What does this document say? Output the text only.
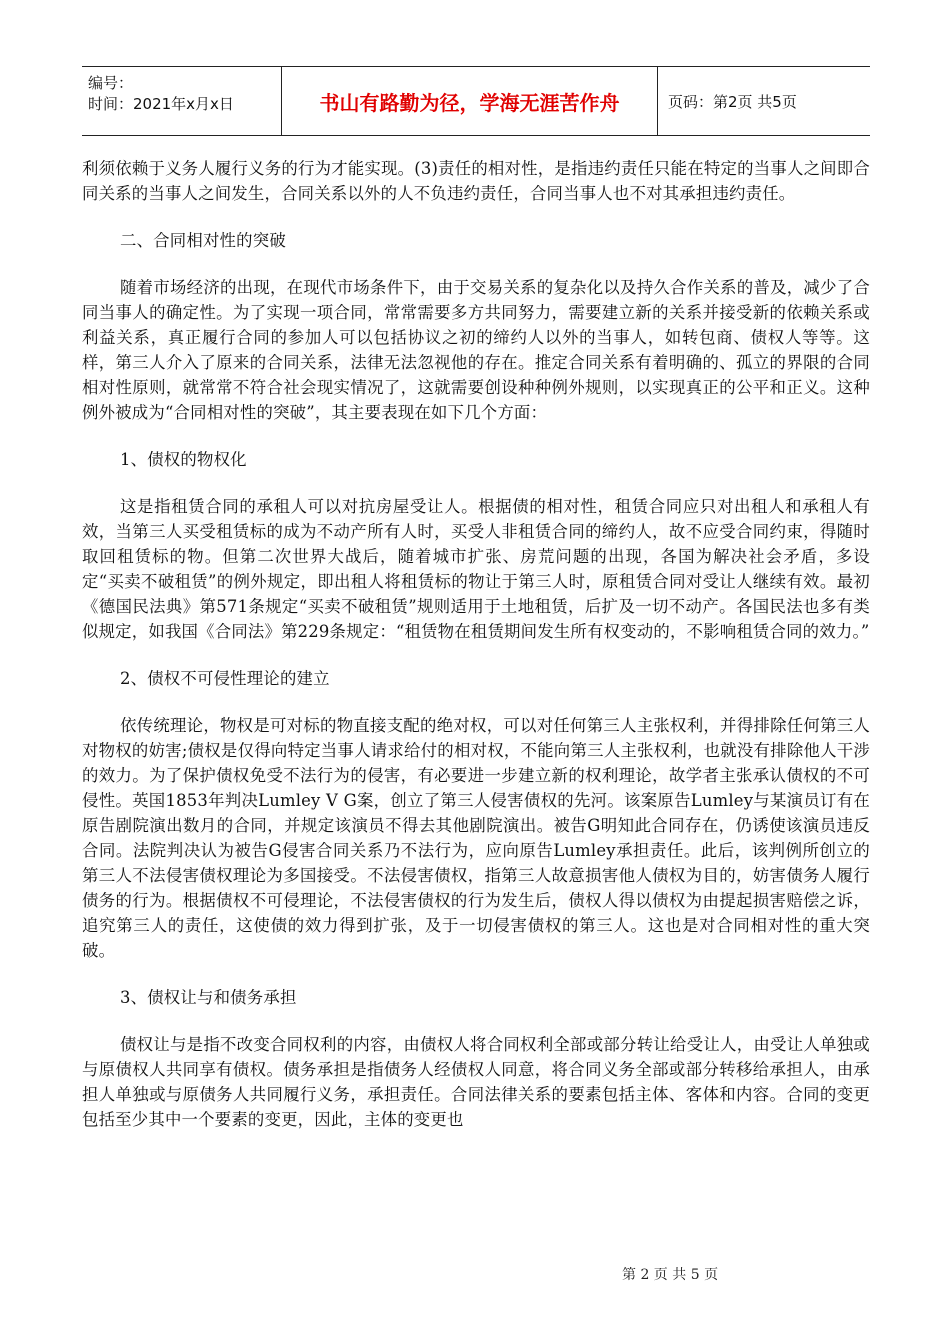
编号：
时间：2021年x月x日	书山有路勤为径，学海无涯苦作舟	页码：第2页 共5页

利须依赖于义务人履行义务的行为才能实现。(3)责任的相对性，是指违约责任只能在特定的当事人之间即合同关系的当事人之间发生，合同关系以外的人不负违约责任，合同当事人也不对其承担违约责任。

二、合同相对性的突破

随着市场经济的出现，在现代市场条件下，由于交易关系的复杂化以及持久合作关系的普及，减少了合同当事人的确定性。为了实现一项合同，常常需要多方共同努力，需要建立新的关系并接受新的依赖关系或利益关系，真正履行合同的参加人可以包括协议之初的缔约人以外的当事人，如转包商、债权人等等。这样，第三人介入了原来的合同关系，法律无法忽视他的存在。推定合同关系有着明确的、孤立的界限的合同相对性原则，就常常不符合社会现实情况了，这就需要创设种种例外规则，以实现真正的公平和正义。这种例外被成为“合同相对性的突破”，其主要表现在如下几个方面：

1、债权的物权化

这是指租赁合同的承租人可以对抗房屋受让人。根据债的相对性，租赁合同应只对出租人和承租人有效，当第三人买受租赁标的成为不动产所有人时，买受人非租赁合同的缔约人，故不应受合同约束，得随时取回租赁标的物。但第二次世界大战后，随着城市扩张、房荒问题的出现，各国为解决社会矛盾，多设定“买卖不破租赁”的例外规定，即出租人将租赁标的物让于第三人时，原租赁合同对受让人继续有效。最初《德国民法典》第571条规定“买卖不破租赁”规则适用于土地租赁，后扩及一切不动产。各国民法也多有类似规定，如我国《合同法》第229条规定：“租赁物在租赁期间发生所有权变动的，不影响租赁合同的效力。”

2、债权不可侵性理论的建立

依传统理论，物权是可对标的物直接支配的绝对权，可以对任何第三人主张权利，并得排除任何第三人对物权的妨害;债权是仅得向特定当事人请求给付的相对权，不能向第三人主张权利，也就没有排除他人干涉的效力。为了保护债权免受不法行为的侵害，有必要进一步建立新的权利理论，故学者主张承认债权的不可侵性。英国1853年判决Lumley V G案，创立了第三人侵害债权的先河。该案原告Lumley与某演员订有在原告剧院演出数月的合同，并规定该演员不得去其他剧院演出。被告G明知此合同存在，仍诱使该演员违反合同。法院判决认为被告G侵害合同关系乃不法行为，应向原告Lumley承担责任。此后，该判例所创立的第三人不法侵害债权理论为多国接受。不法侵害债权，指第三人故意损害他人债权为目的，妨害债务人履行债务的行为。根据债权不可侵理论，不法侵害债权的行为发生后，债权人得以债权为由提起损害赔偿之诉，追究第三人的责任，这使债的效力得到扩张，及于一切侵害债权的第三人。这也是对合同相对性的重大突破。

3、债权让与和债务承担

债权让与是指不改变合同权利的内容，由债权人将合同权利全部或部分转让给受让人，由受让人单独或与原债权人共同享有债权。债务承担是指债务人经债权人同意，将合同义务全部或部分转移给承担人，由承担人单独或与原债务人共同履行义务，承担责任。合同法律关系的要素包括主体、客体和内容。合同的变更包括至少其中一个要素的变更，因此，主体的变更也

第 2 页 共 5 页
